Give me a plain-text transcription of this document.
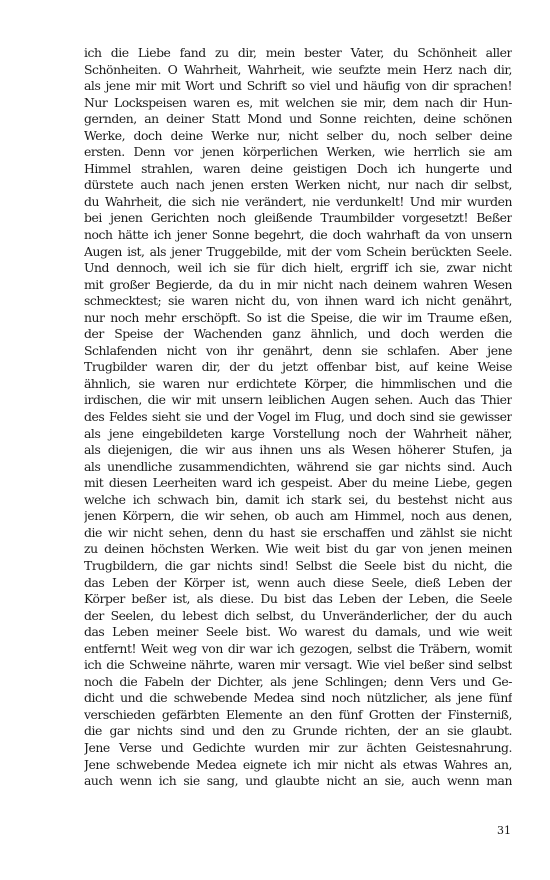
ich die Liebe fand zu dir, mein bester Vater, du Schönheit aller
Schönheiten. O Wahrheit, Wahrheit, wie seufzte mein Herz nach dir,
als jene mir mit Wort und Schrift so viel und häufig von dir sprachen!
Nur Lockspeisen waren es, mit welchen sie mir, dem nach dir Hun-
gernden, an deiner Statt Mond und Sonne reichten, deine schönen
Werke, doch deine Werke nur, nicht selber du, noch selber deine
ersten. Denn vor jenen körperlichen Werken, wie herrlich sie am
Himmel strahlen, waren deine geistigen Doch ich hungerte und
dürstete auch nach jenen ersten Werken nicht, nur nach dir selbst,
du Wahrheit, die sich nie verändert, nie verdunkelt! Und mir wurden
bei jenen Gerichten noch gleißende Traumbilder vorgesetzt! Beßer
noch hätte ich jener Sonne begehrt, die doch wahrhaft da von unsern
Augen ist, als jener Truggebilde, mit der vom Schein berückten Seele.
Und dennoch, weil ich sie für dich hielt, ergriff ich sie, zwar nicht
mit großer Begierde, da du in mir nicht nach deinem wahren Wesen
schmecktest; sie waren nicht du, von ihnen ward ich nicht genährt,
nur noch mehr erschöpft. So ist die Speise, die wir im Traume eßen,
der Speise der Wachenden ganz ähnlich, und doch werden die
Schlafenden nicht von ihr genährt, denn sie schlafen. Aber jene
Trugbilder waren dir, der du jetzt offenbar bist, auf keine Weise
ähnlich, sie waren nur erdichtete Körper, die himmlischen und die
irdischen, die wir mit unsern leiblichen Augen sehen. Auch das Thier
des Feldes sieht sie und der Vogel im Flug, und doch sind sie gewisser
als jene eingebildeten karge Vorstellung noch der Wahrheit näher,
als diejenigen, die wir aus ihnen uns als Wesen höherer Stufen, ja
als unendliche zusammendichten, während sie gar nichts sind. Auch
mit diesen Leerheiten ward ich gespeist. Aber du meine Liebe, gegen
welche ich schwach bin, damit ich stark sei, du bestehst nicht aus
jenen Körpern, die wir sehen, ob auch am Himmel, noch aus denen,
die wir nicht sehen, denn du hast sie erschaffen und zählst sie nicht
zu deinen höchsten Werken. Wie weit bist du gar von jenen meinen
Trugbildern, die gar nichts sind! Selbst die Seele bist du nicht, die
das Leben der Körper ist, wenn auch diese Seele, dieß Leben der
Körper beßer ist, als diese. Du bist das Leben der Leben, die Seele
der Seelen, du lebest dich selbst, du Unveränderlicher, der du auch
das Leben meiner Seele bist. Wo warest du damals, und wie weit
entfernt! Weit weg von dir war ich gezogen, selbst die Träbern, womit
ich die Schweine nährte, waren mir versagt. Wie viel beßer sind selbst
noch die Fabeln der Dichter, als jene Schlingen; denn Vers und Ge-
dicht und die schwebende Medea sind noch nützlicher, als jene fünf
verschieden gefärbten Elemente an den fünf Grotten der Finsterniß,
die gar nichts sind und den zu Grunde richten, der an sie glaubt.
Jene Verse und Gedichte wurden mir zur ächten Geistesnahrung.
Jene schwebende Medea eignete ich mir nicht als etwas Wahres an,
auch wenn ich sie sang, und glaubte nicht an sie, auch wenn man
31
